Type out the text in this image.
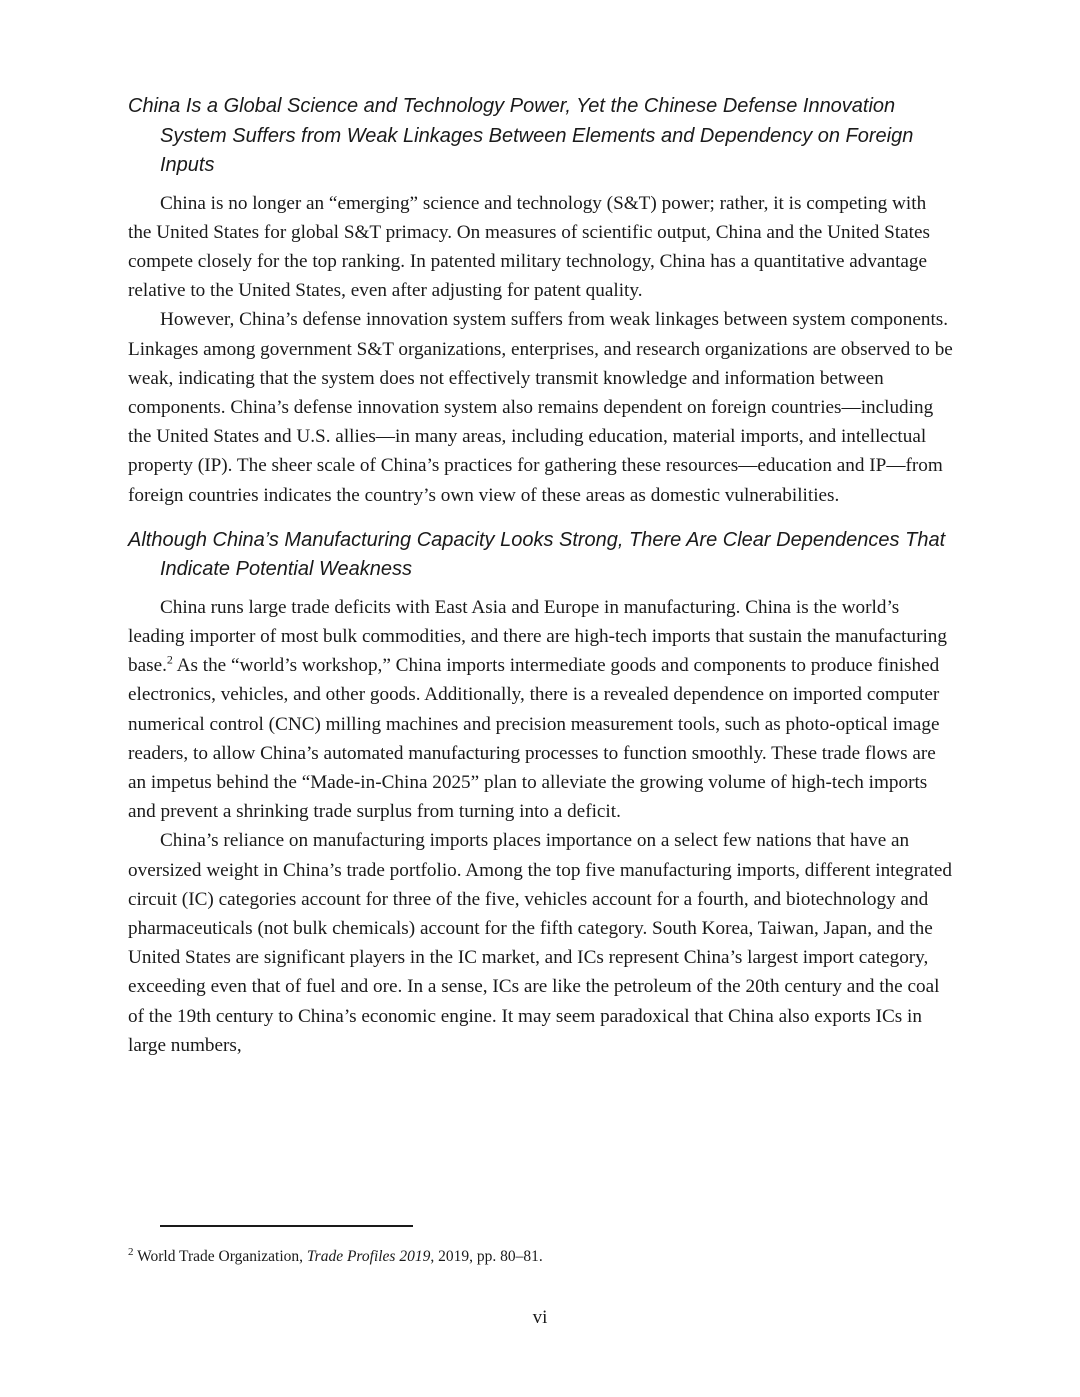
China Is a Global Science and Technology Power, Yet the Chinese Defense Innovation System Suffers from Weak Linkages Between Elements and Dependency on Foreign Inputs

China is no longer an “emerging” science and technology (S&T) power; rather, it is competing with the United States for global S&T primacy. On measures of scientific output, China and the United States compete closely for the top ranking. In patented military technology, China has a quantitative advantage relative to the United States, even after adjusting for patent quality.

However, China’s defense innovation system suffers from weak linkages between system components. Linkages among government S&T organizations, enterprises, and research organizations are observed to be weak, indicating that the system does not effectively transmit knowledge and information between components. China’s defense innovation system also remains dependent on foreign countries—including the United States and U.S. allies—in many areas, including education, material imports, and intellectual property (IP). The sheer scale of China’s practices for gathering these resources—education and IP—from foreign countries indicates the country’s own view of these areas as domestic vulnerabilities.

Although China’s Manufacturing Capacity Looks Strong, There Are Clear Dependences That Indicate Potential Weakness

China runs large trade deficits with East Asia and Europe in manufacturing. China is the world’s leading importer of most bulk commodities, and there are high-tech imports that sustain the manufacturing base.$^2$ As the “world’s workshop,” China imports intermediate goods and components to produce finished electronics, vehicles, and other goods. Additionally, there is a revealed dependence on imported computer numerical control (CNC) milling machines and precision measurement tools, such as photo-optical image readers, to allow China’s automated manufacturing processes to function smoothly. These trade flows are an impetus behind the “Made-in-China 2025” plan to alleviate the growing volume of high-tech imports and prevent a shrinking trade surplus from turning into a deficit.

China’s reliance on manufacturing imports places importance on a select few nations that have an oversized weight in China’s trade portfolio. Among the top five manufacturing imports, different integrated circuit (IC) categories account for three of the five, vehicles account for a fourth, and biotechnology and pharmaceuticals (not bulk chemicals) account for the fifth category. South Korea, Taiwan, Japan, and the United States are significant players in the IC market, and ICs represent China’s largest import category, exceeding even that of fuel and ore. In a sense, ICs are like the petroleum of the 20th century and the coal of the 19th century to China’s economic engine. It may seem paradoxical that China also exports ICs in large numbers,

$^2$ World Trade Organization, Trade Profiles 2019, 2019, pp. 80–81.
vi
